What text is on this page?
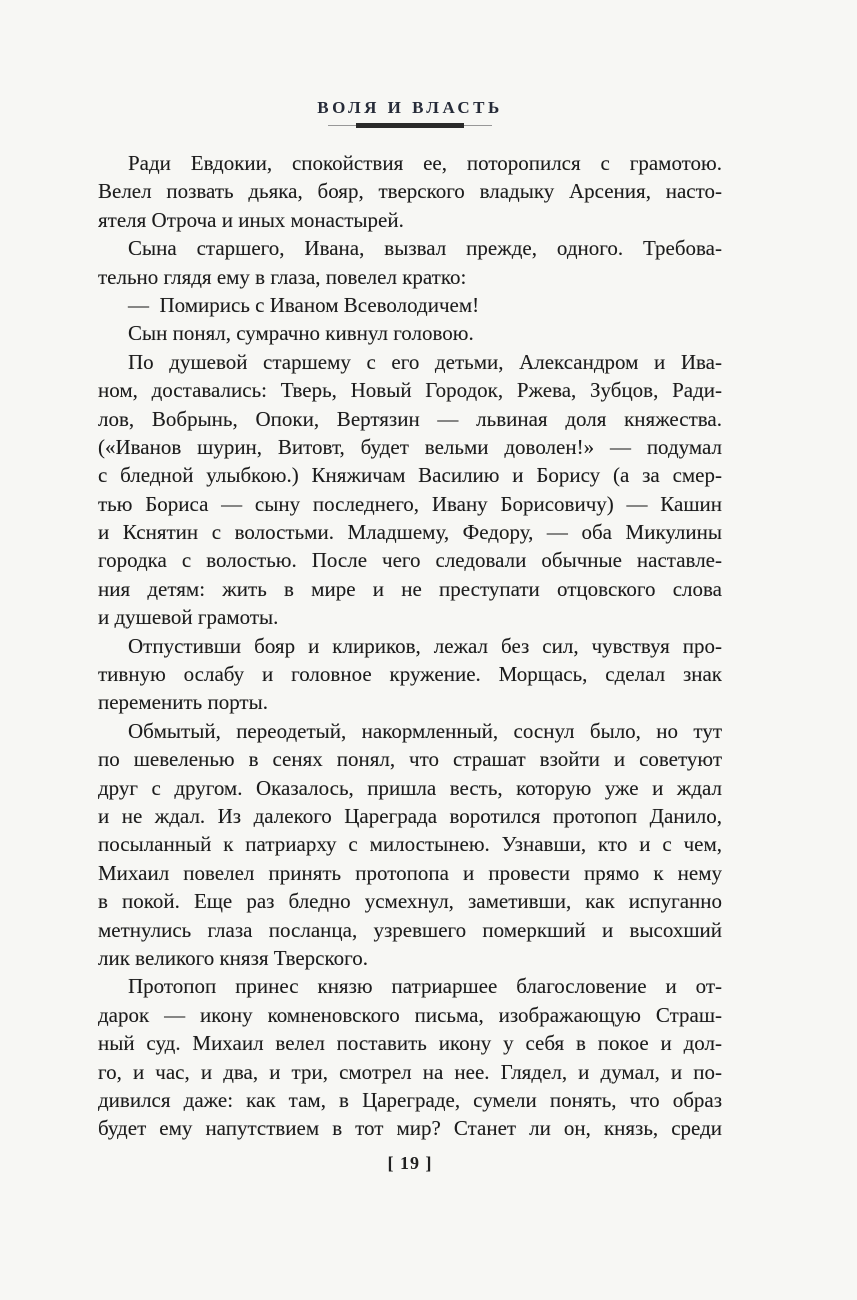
ВОЛЯ И ВЛАСТЬ
Ради Евдокии, спокойствия ее, поторопился с грамотою.
Велел позвать дьяка, бояр, тверского владыку Арсения, насто-
ятеля Отроча и иных монастырей.
Сына старшего, Ивана, вызвал прежде, одного. Требова-
тельно глядя ему в глаза, повелел кратко:
— Помирись с Иваном Всеволодичем!
Сын понял, сумрачно кивнул головою.
По душевой старшему с его детьми, Александром и Ива-
ном, доставались: Тверь, Новый Городок, Ржева, Зубцов, Ради-
лов, Вобрынь, Опоки, Вертязин — львиная доля княжества.
(«Иванов шурин, Витовт, будет вельми доволен!» — подумал
с бледной улыбкою.) Княжичам Василию и Борису (а за смер-
тью Бориса — сыну последнего, Ивану Борисовичу) — Кашин
и Кснятин с волостьми. Младшему, Федору, — оба Микулины
городка с волостью. После чего следовали обычные наставле-
ния детям: жить в мире и не преступати отцовского слова
и душевой грамоты.
Отпустивши бояр и клириков, лежал без сил, чувствуя про-
тивную ослабу и головное кружение. Морщась, сделал знак
переменить порты.
Обмытый, переодетый, накормленный, соснул было, но тут
по шевеленью в сенях понял, что страшат взойти и советуют
друг с другом. Оказалось, пришла весть, которую уже и ждал
и не ждал. Из далекого Цареграда воротился протопоп Данило,
посыланный к патриарху с милостынею. Узнавши, кто и с чем,
Михаил повелел принять протопопа и провести прямо к нему
в покой. Еще раз бледно усмехнул, заметивши, как испуганно
метнулись глаза посланца, узревшего померкший и высохший
лик великого князя Тверского.
Протопоп принес князю патриаршее благословение и от-
дарок — икону комненовского письма, изображающую Страш-
ный суд. Михаил велел поставить икону у себя в покое и дол-
го, и час, и два, и три, смотрел на нее. Глядел, и думал, и по-
дивился даже: как там, в Цареграде, сумели понять, что образ
будет ему напутствием в тот мир? Станет ли он, князь, среди
[ 19 ]
